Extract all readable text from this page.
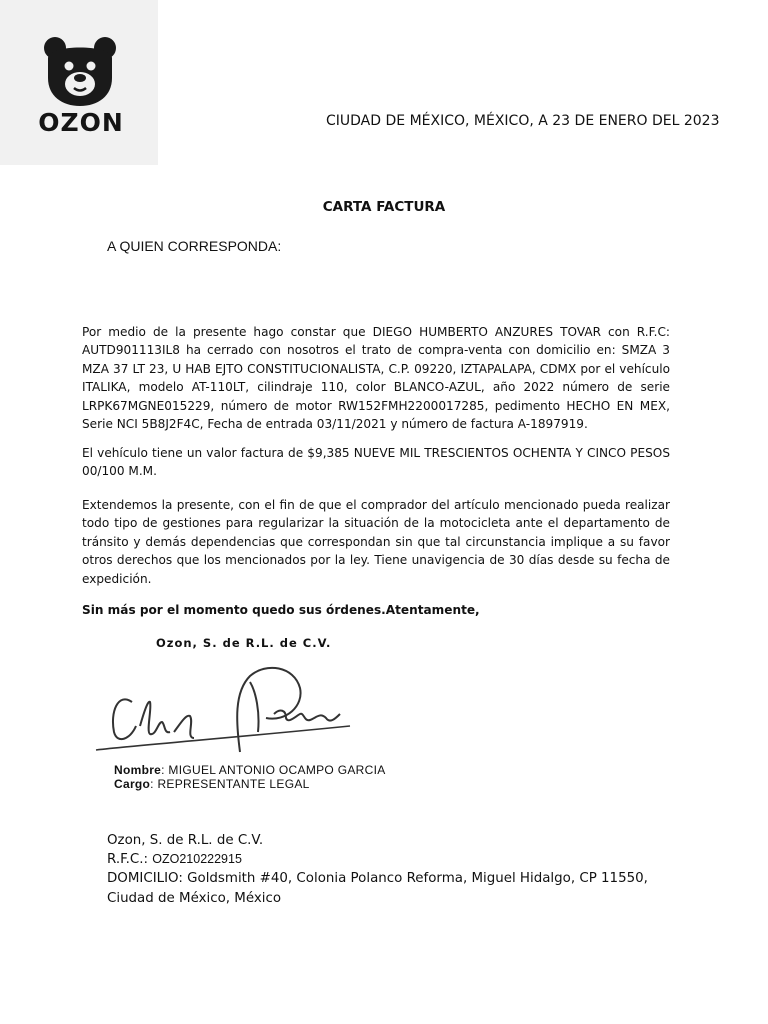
OZON	CIUDAD DE MÉXICO, MÉXICO, A 23 DE ENERO DEL 2023
CARTA FACTURA
A QUIEN CORRESPONDA:

Por medio de la presente hago constar que DIEGO HUMBERTO ANZURES TOVAR con R.F.C: AUTD901113IL8 ha cerrado con nosotros el trato de compra-venta con domicilio en: SMZA 3 MZA 37 LT 23, U HAB EJTO CONSTITUCIONALISTA, C.P. 09220, IZTAPALAPA, CDMX por el vehículo ITALIKA, modelo AT-110LT, cilindraje 110, color BLANCO-AZUL, año 2022 número de serie LRPK67MGNE015229, número de motor RW152FMH2200017285, pedimento HECHO EN MEX, Serie NCI 5B8J2F4C, Fecha de entrada 03/11/2021 y número de factura A-1897919.

El vehículo tiene un valor factura de $9,385 NUEVE MIL TRESCIENTOS OCHENTA Y CINCO PESOS 00/100 M.M.

Extendemos la presente, con el fin de que el comprador del artículo mencionado pueda realizar todo tipo de gestiones para regularizar la situación de la motocicleta ante el departamento de tránsito y demás dependencias que correspondan sin que tal circunstancia implique a su favor otros derechos que los mencionados por la ley. Tiene unavigencia de 30 días desde su fecha de expedición.

Sin más por el momento quedo sus órdenes.Atentamente,
Ozon, S. de R.L. de C.V.
Nombre: MIGUEL ANTONIO OCAMPO GARCIA
Cargo: REPRESENTANTE LEGAL
Ozon, S. de R.L. de C.V.
R.F.C.: OZO210222915
DOMICILIO: Goldsmith #40, Colonia Polanco Reforma, Miguel Hidalgo, CP 11550, Ciudad de México, México
